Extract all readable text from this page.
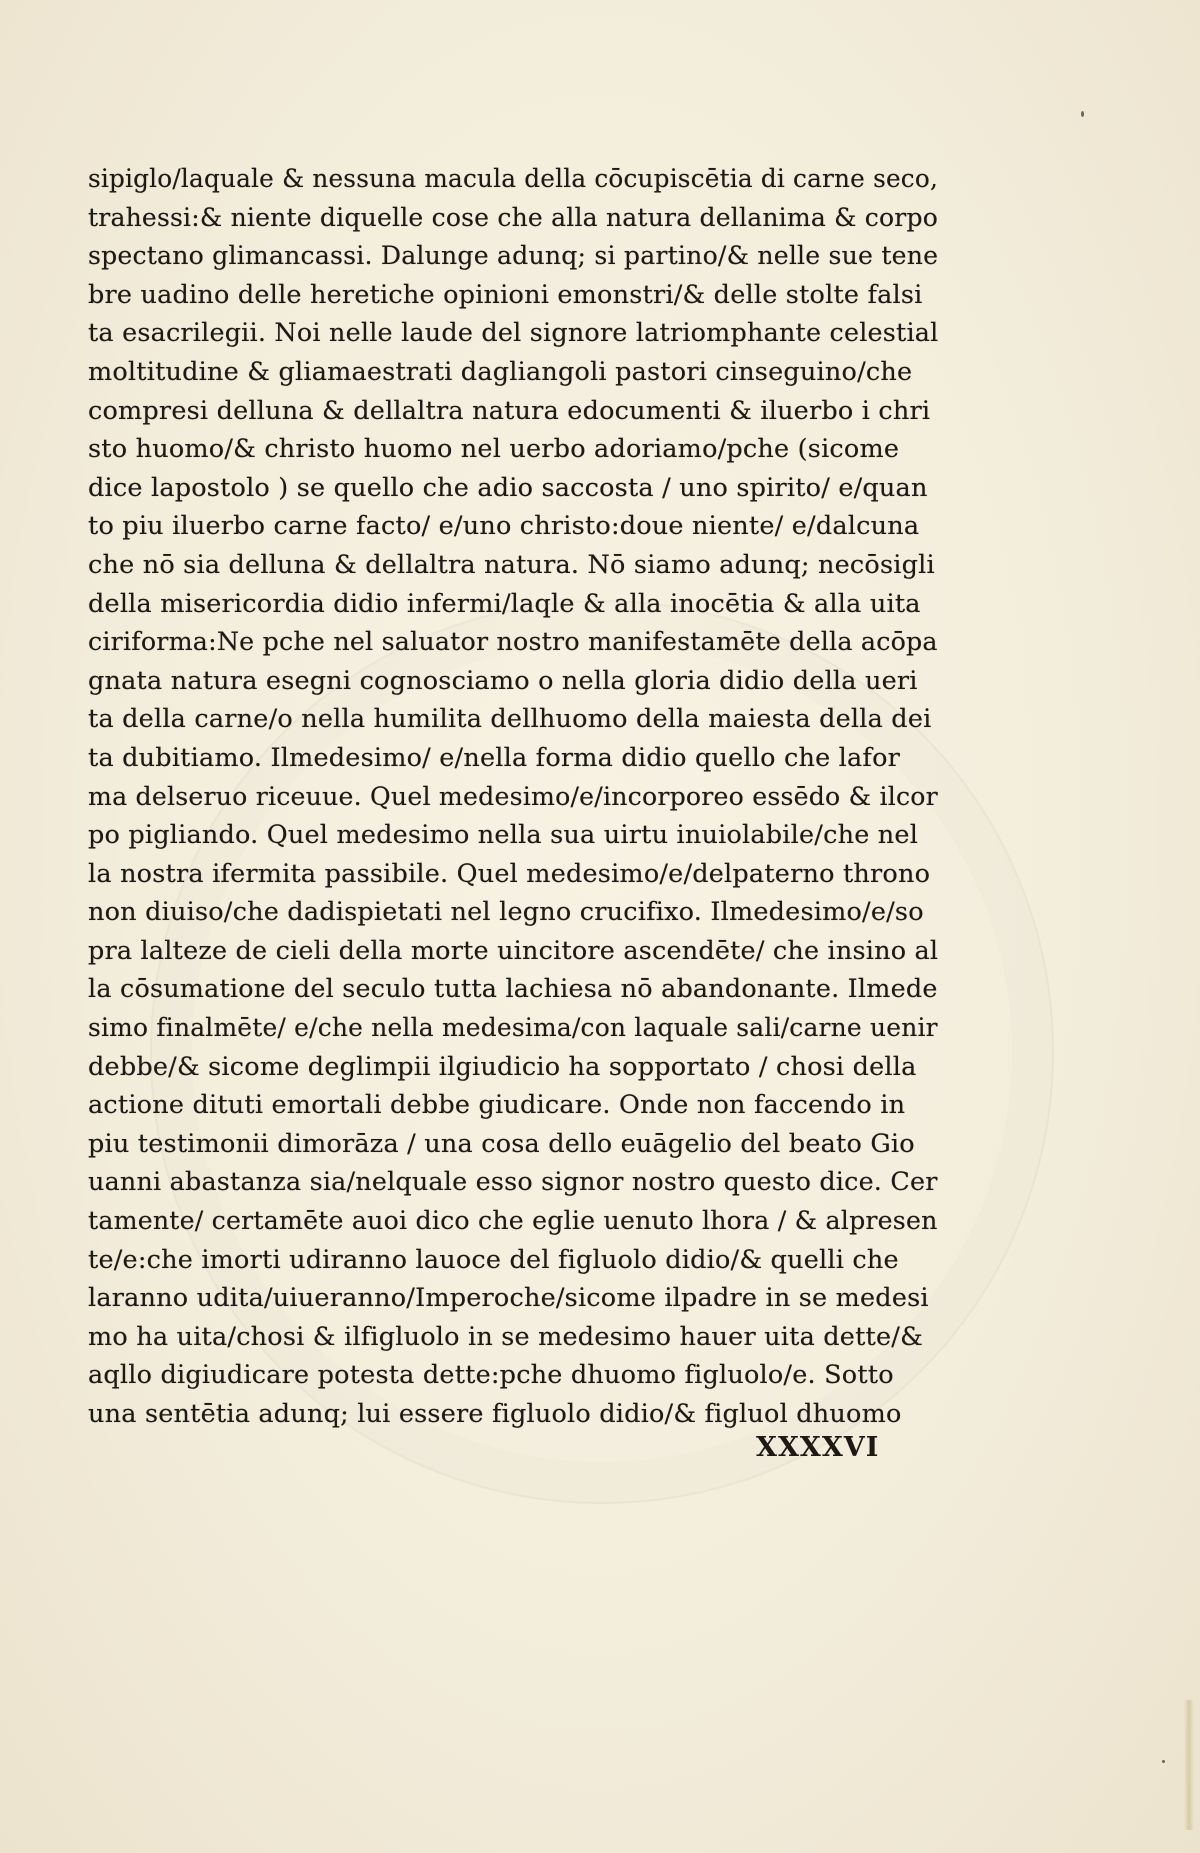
sipiglo/laquale & nessuna macula della cōcupiscētia di carne seco,
trahessi:& niente diquelle cose che alla natura dellanima & corpo
spectano glimancassi. Dalunge adunq; si partino/& nelle sue tene
bre uadino delle heretiche opinioni emonstri/& delle stolte falsi
ta esacrilegii. Noi nelle laude del signore latriomphante celestial
moltitudine & gliamaestrati dagliangoli pastori cinseguino/che
compresi delluna & dellaltra natura edocumenti & iluerbo i chri
sto huomo/& christo huomo nel uerbo adoriamo/pche (sicome
dice lapostolo ) se quello che adio saccosta / uno spirito/ e/quan
to piu iluerbo carne facto/ e/uno christo:doue niente/ e/dalcuna
che nō sia delluna & dellaltra natura. Nō siamo adunq; necōsigli
della misericordia didio infermi/laqle & alla inocētia & alla uita
ciriforma:Ne pche nel saluator nostro manifestamēte della acōpa
gnata natura esegni cognosciamo o nella gloria didio della ueri
ta della carne/o nella humilita dellhuomo della maiesta della dei
ta dubitiamo. Ilmedesimo/ e/nella forma didio quello che lafor
ma delseruo riceuue. Quel medesimo/e/incorporeo essēdo & ilcor
po pigliando. Quel medesimo nella sua uirtu inuiolabile/che nel
la nostra ifermita passibile. Quel medesimo/e/delpaterno throno
non diuiso/che dadispietati nel legno crucifixo. Ilmedesimo/e/so
pra lalteze de cieli della morte uincitore ascendēte/ che insino al
la cōsumatione del seculo tutta lachiesa nō abandonante. Ilmede
simo finalmēte/ e/che nella medesima/con laquale sali/carne uenir
debbe/& sicome deglimpii ilgiudicio ha sopportato / chosi della
actione dituti emortali debbe giudicare. Onde non faccendo in
piu testimonii dimorāza / una cosa dello euāgelio del beato Gio
uanni abastanza sia/nelquale esso signor nostro questo dice. Cer
tamente/ certamēte auoi dico che eglie uenuto lhora / & alpresen
te/e:che imorti udiranno lauoce del figluolo didio/& quelli che
laranno udita/uiueranno/Imperoche/sicome ilpadre in se medesi
mo ha uita/chosi & ilfigluolo in se medesimo hauer uita dette/&
aqllo digiudicare potesta dette:pche dhuomo figluolo/e. Sotto
una sentētia adunq; lui essere figluolo didio/& figluol dhuomo
XXXXVI
